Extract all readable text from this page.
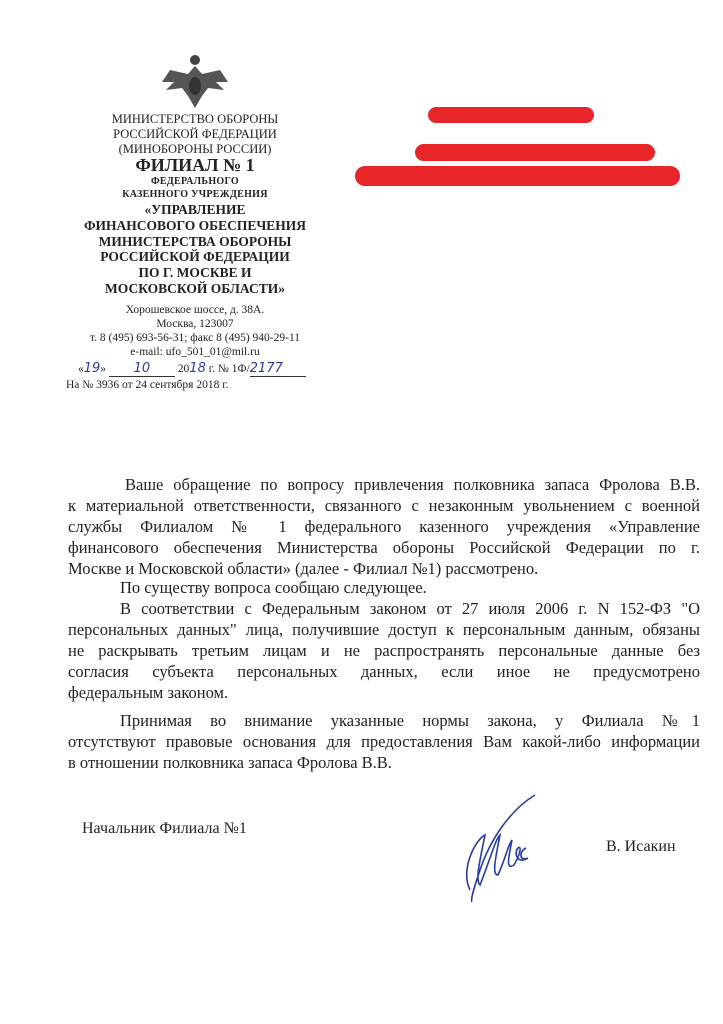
МИНИСТЕРСТВО ОБОРОНЫ
РОССИЙСКОЙ ФЕДЕРАЦИИ
(МИНОБОРОНЫ РОССИИ)
ФИЛИАЛ № 1
ФЕДЕРАЛЬНОГО
КАЗЕННОГО УЧРЕЖДЕНИЯ
«УПРАВЛЕНИЕ
ФИНАНСОВОГО ОБЕСПЕЧЕНИЯ
МИНИСТЕРСТВА ОБОРОНЫ
РОССИЙСКОЙ ФЕДЕРАЦИИ
ПО Г. МОСКВЕ И
МОСКОВСКОЙ ОБЛАСТИ»
Хорошевское шоссе, д. 38А.
Москва, 123007
т. 8 (495) 693-56-31; факс 8 (495) 940-29-11
e-mail: ufo_501_01@mil.ru
«19» 10 2018 г. № 1Ф/2177
На № 3936 от 24 сентября 2018 г.
Ваше обращение по вопросу привлечения полковника запаса Фролова В.В.
к материальной ответственности, связанного с незаконным увольнением с военной
службы Филиалом № 1 федерального казенного учреждения «Управление
финансового обеспечения Министерства обороны Российской Федерации по г.
Москве и Московской области» (далее - Филиал №1) рассмотрено.
По существу вопроса сообщаю следующее.
В соответствии с Федеральным законом от 27 июля 2006 г. N 152-ФЗ "О
персональных данных" лица, получившие доступ к персональным данным, обязаны
не раскрывать третьим лицам и не распространять персональные данные без
согласия субъекта персональных данных, если иное не предусмотрено
федеральным законом.
Принимая во внимание указанные нормы закона, у Филиала №1
отсутствуют правовые основания для предоставления Вам какой-либо информации
в отношении полковника запаса Фролова В.В.
Начальник Филиала №1
В. Исакин
